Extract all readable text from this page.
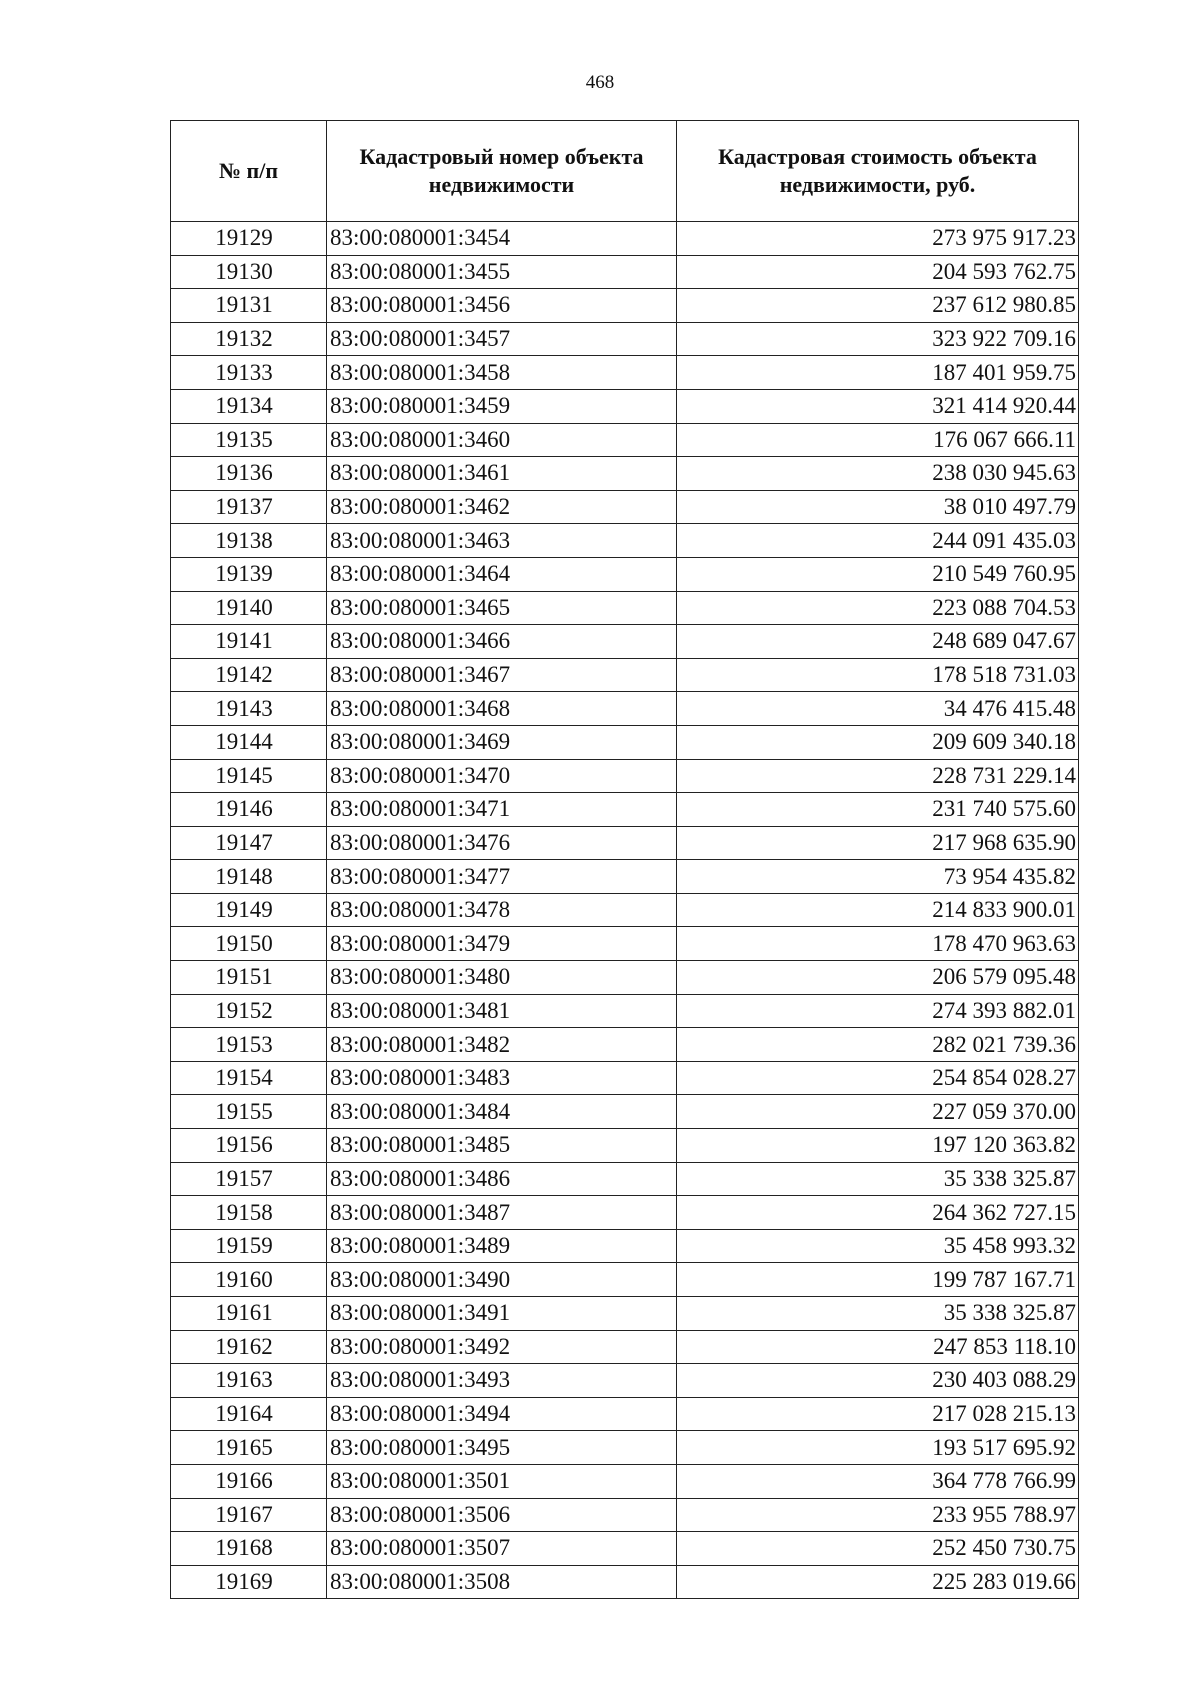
468
№ п/п	Кадастровый номер объекта недвижимости	Кадастровая стоимость объекта недвижимости, руб.
19129	83:00:080001:3454	273 975 917.23
19130	83:00:080001:3455	204 593 762.75
19131	83:00:080001:3456	237 612 980.85
19132	83:00:080001:3457	323 922 709.16
19133	83:00:080001:3458	187 401 959.75
19134	83:00:080001:3459	321 414 920.44
19135	83:00:080001:3460	176 067 666.11
19136	83:00:080001:3461	238 030 945.63
19137	83:00:080001:3462	38 010 497.79
19138	83:00:080001:3463	244 091 435.03
19139	83:00:080001:3464	210 549 760.95
19140	83:00:080001:3465	223 088 704.53
19141	83:00:080001:3466	248 689 047.67
19142	83:00:080001:3467	178 518 731.03
19143	83:00:080001:3468	34 476 415.48
19144	83:00:080001:3469	209 609 340.18
19145	83:00:080001:3470	228 731 229.14
19146	83:00:080001:3471	231 740 575.60
19147	83:00:080001:3476	217 968 635.90
19148	83:00:080001:3477	73 954 435.82
19149	83:00:080001:3478	214 833 900.01
19150	83:00:080001:3479	178 470 963.63
19151	83:00:080001:3480	206 579 095.48
19152	83:00:080001:3481	274 393 882.01
19153	83:00:080001:3482	282 021 739.36
19154	83:00:080001:3483	254 854 028.27
19155	83:00:080001:3484	227 059 370.00
19156	83:00:080001:3485	197 120 363.82
19157	83:00:080001:3486	35 338 325.87
19158	83:00:080001:3487	264 362 727.15
19159	83:00:080001:3489	35 458 993.32
19160	83:00:080001:3490	199 787 167.71
19161	83:00:080001:3491	35 338 325.87
19162	83:00:080001:3492	247 853 118.10
19163	83:00:080001:3493	230 403 088.29
19164	83:00:080001:3494	217 028 215.13
19165	83:00:080001:3495	193 517 695.92
19166	83:00:080001:3501	364 778 766.99
19167	83:00:080001:3506	233 955 788.97
19168	83:00:080001:3507	252 450 730.75
19169	83:00:080001:3508	225 283 019.66
